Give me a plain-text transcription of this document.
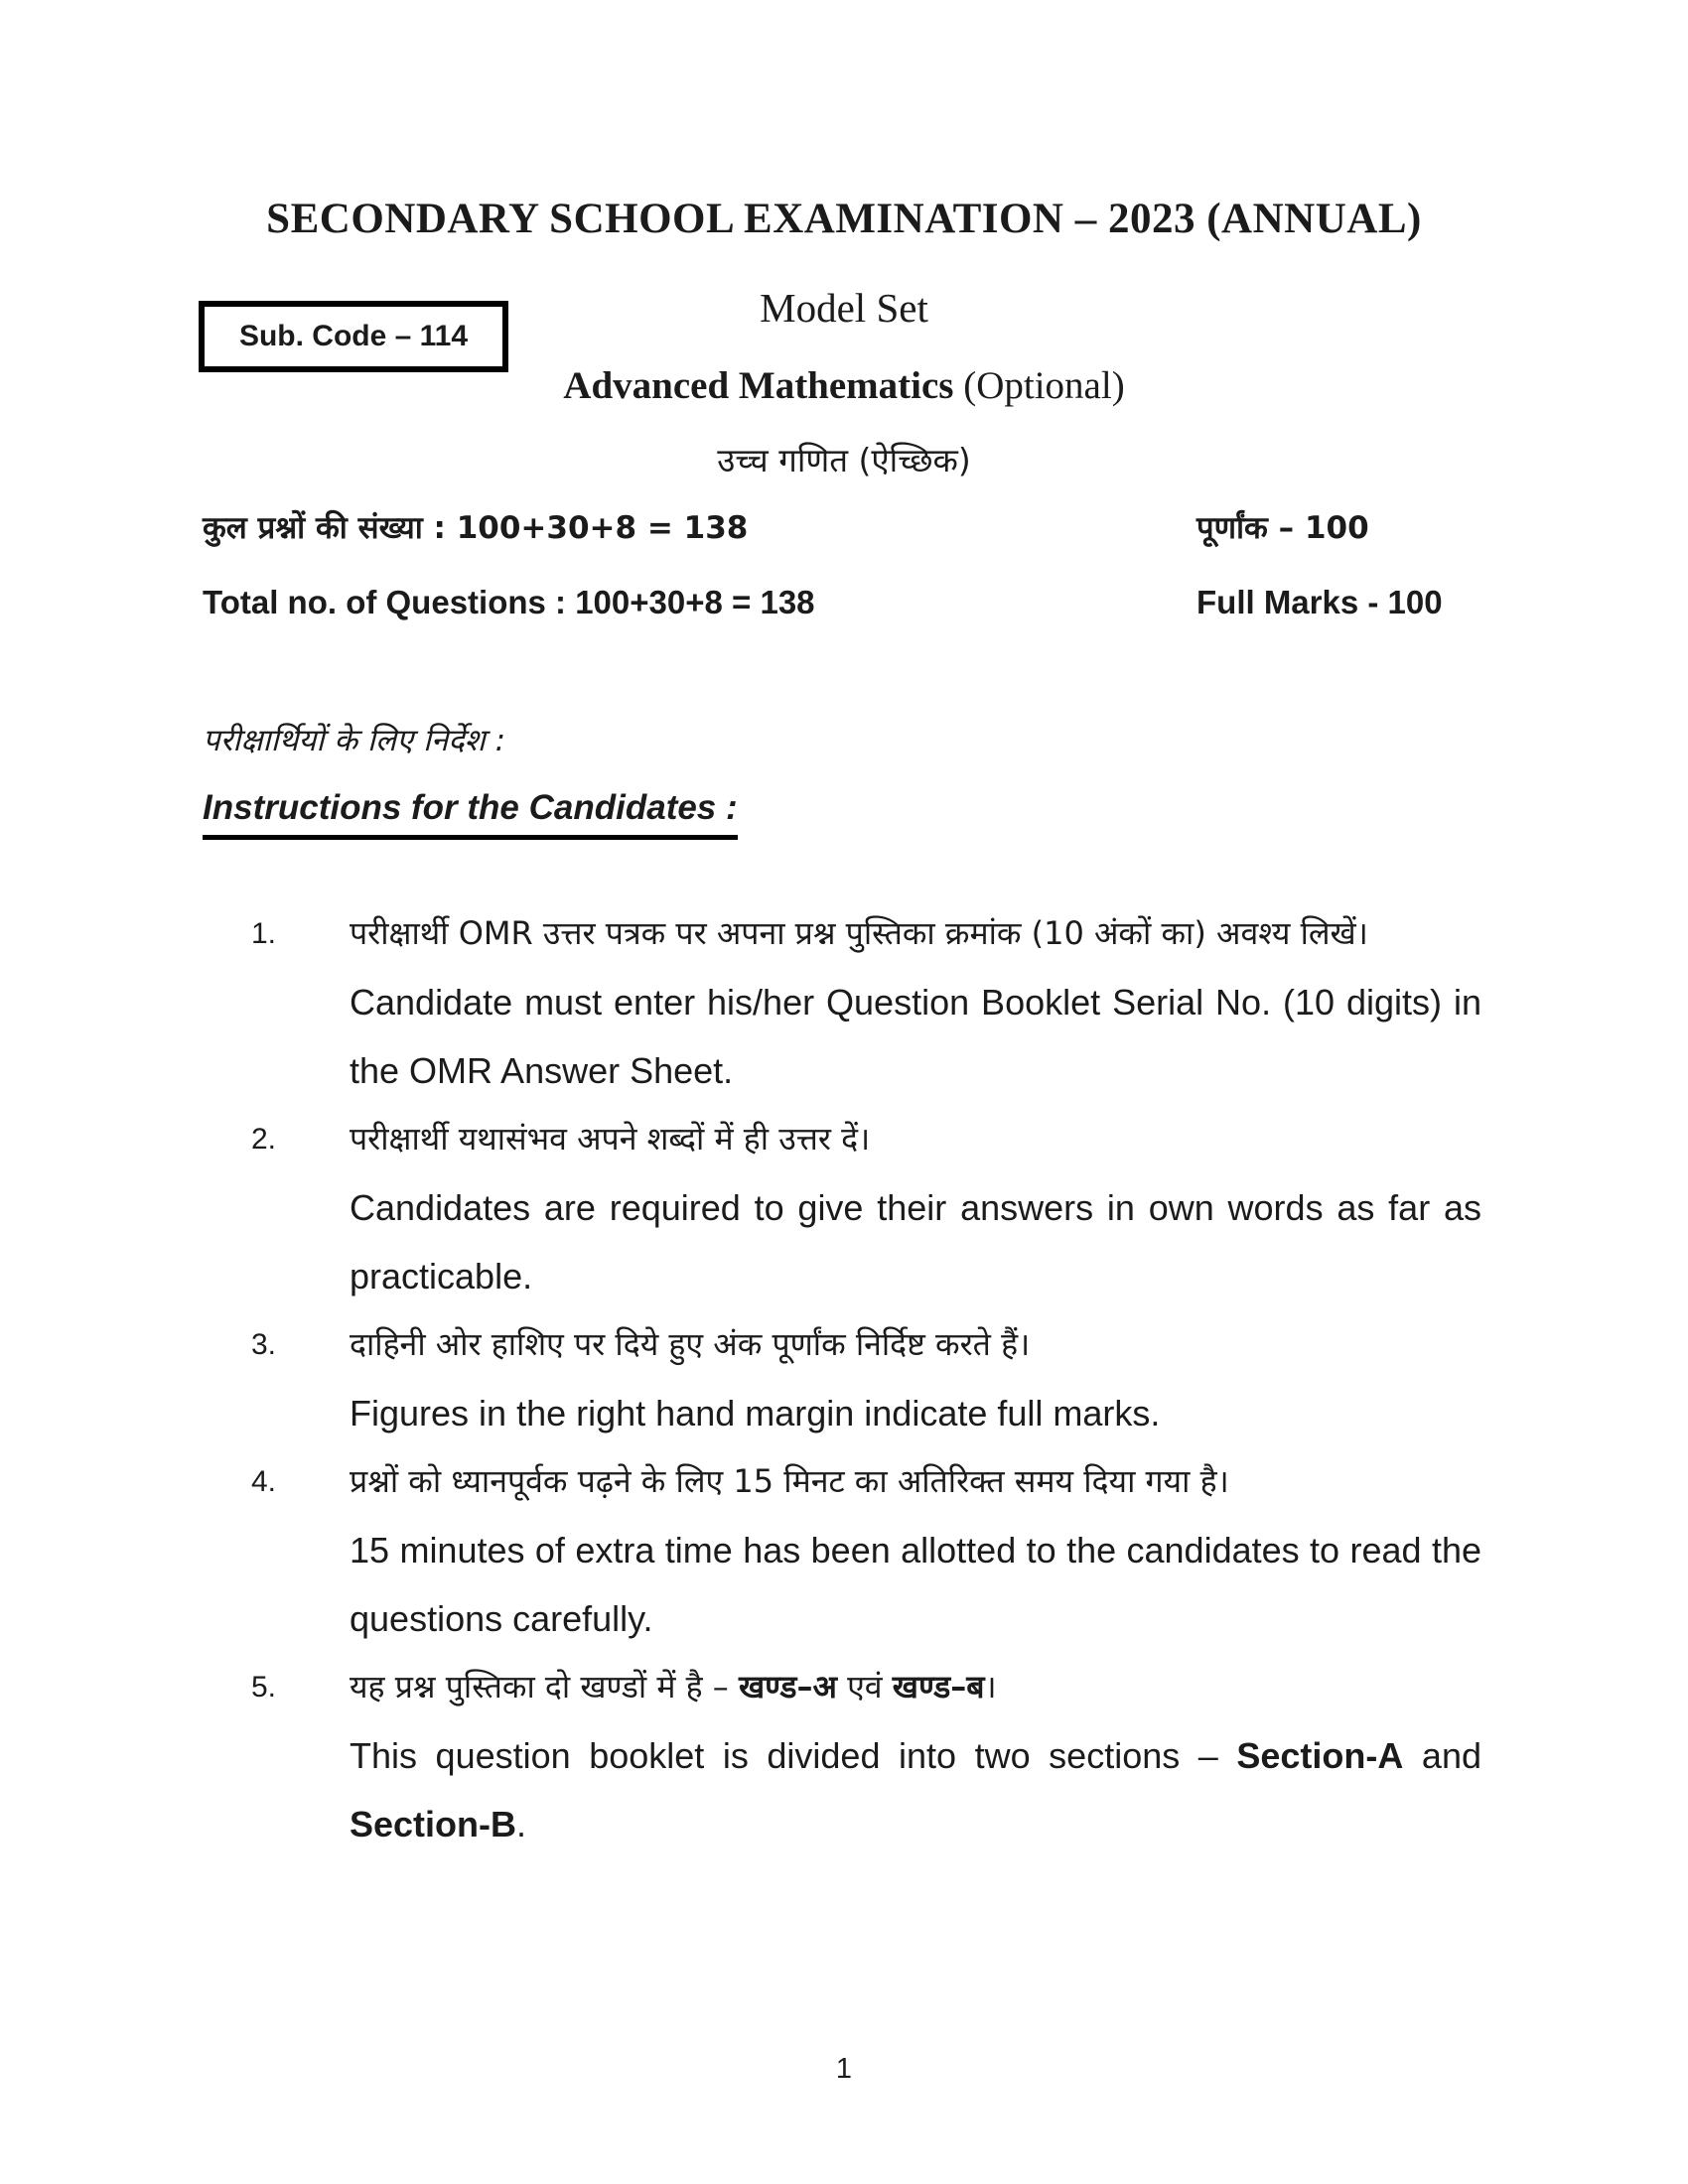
SECONDARY SCHOOL EXAMINATION – 2023 (ANNUAL)
Sub. Code – 114
Model Set
Advanced Mathematics (Optional)
उच्च गणित (ऐच्छिक)
कुल प्रश्नों की संख्या : 100+30+8 = 138	पूर्णांक – 100
Total no. of Questions : 100+30+8 = 138	Full Marks - 100
परीक्षार्थियों के लिए निर्देश :
Instructions for the Candidates :
1.	परीक्षार्थी OMR उत्तर पत्रक पर अपना प्रश्न पुस्तिका क्रमांक (10 अंकों का) अवश्य लिखें।

Candidate must enter his/her Question Booklet Serial No. (10 digits) in the OMR Answer Sheet.

2.	परीक्षार्थी यथासंभव अपने शब्दों में ही उत्तर दें।

Candidates are required to give their answers in own words as far as practicable.

3.	दाहिनी ओर हाशिए पर दिये हुए अंक पूर्णांक निर्दिष्ट करते हैं।

Figures in the right hand margin indicate full marks.

4.	प्रश्नों को ध्यानपूर्वक पढ़ने के लिए 15 मिनट का अतिरिक्त समय दिया गया है।

15 minutes of extra time has been allotted to the candidates to read the questions carefully.

5.	यह प्रश्न पुस्तिका दो खण्डों में है – खण्ड–अ एवं खण्ड–ब।

This question booklet is divided into two sections – Section-A and Section-B.

1
